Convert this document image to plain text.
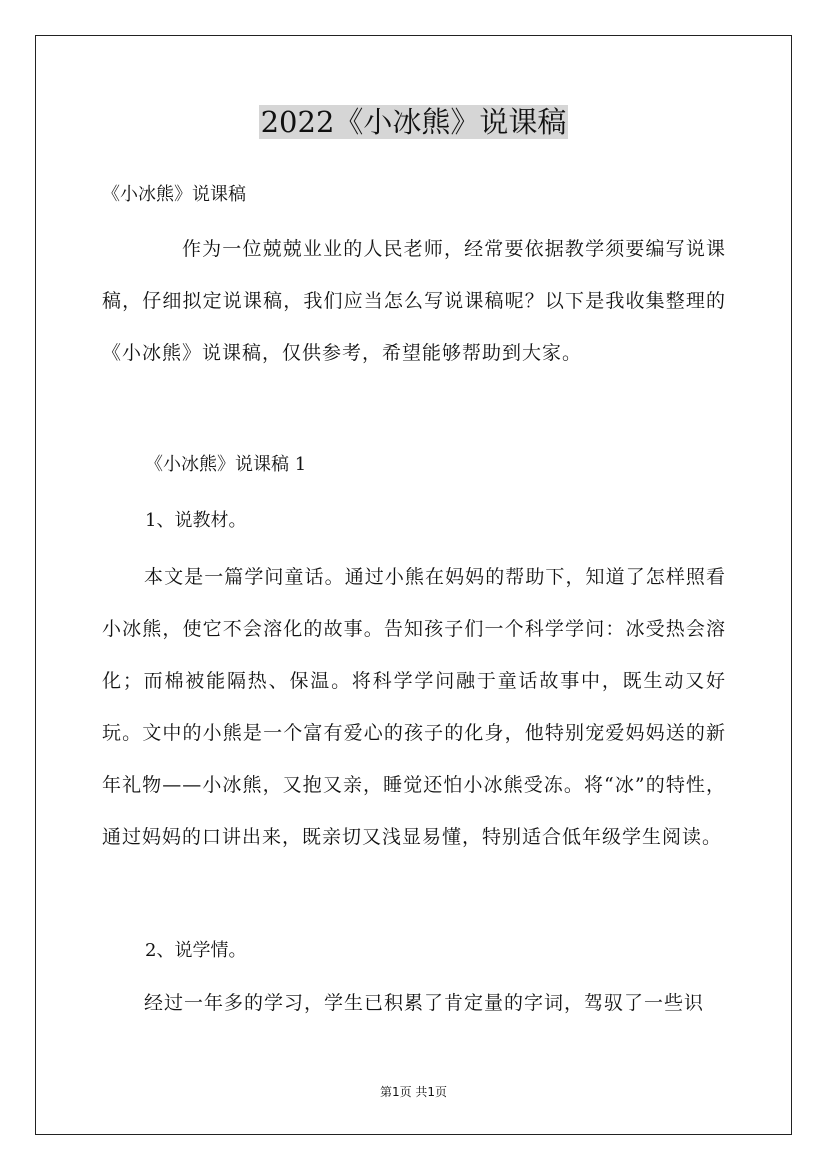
2022《小冰熊》说课稿
《小冰熊》说课稿
作为一位兢兢业业的人民老师，经常要依据教学须要编写说课稿，仔细拟定说课稿，我们应当怎么写说课稿呢？以下是我收集整理的《小冰熊》说课稿，仅供参考，希望能够帮助到大家。
《小冰熊》说课稿 1
1、说教材。
本文是一篇学问童话。通过小熊在妈妈的帮助下，知道了怎样照看小冰熊，使它不会溶化的故事。告知孩子们一个科学学问：冰受热会溶化；而棉被能隔热、保温。将科学学问融于童话故事中，既生动又好玩。文中的小熊是一个富有爱心的孩子的化身，他特别宠爱妈妈送的新年礼物——小冰熊，又抱又亲，睡觉还怕小冰熊受冻。将“冰”的特性，通过妈妈的口讲出来，既亲切又浅显易懂，特别适合低年级学生阅读。
2、说学情。
经过一年多的学习，学生已积累了肯定量的字词，驾驭了一些识
第1页 共1页
